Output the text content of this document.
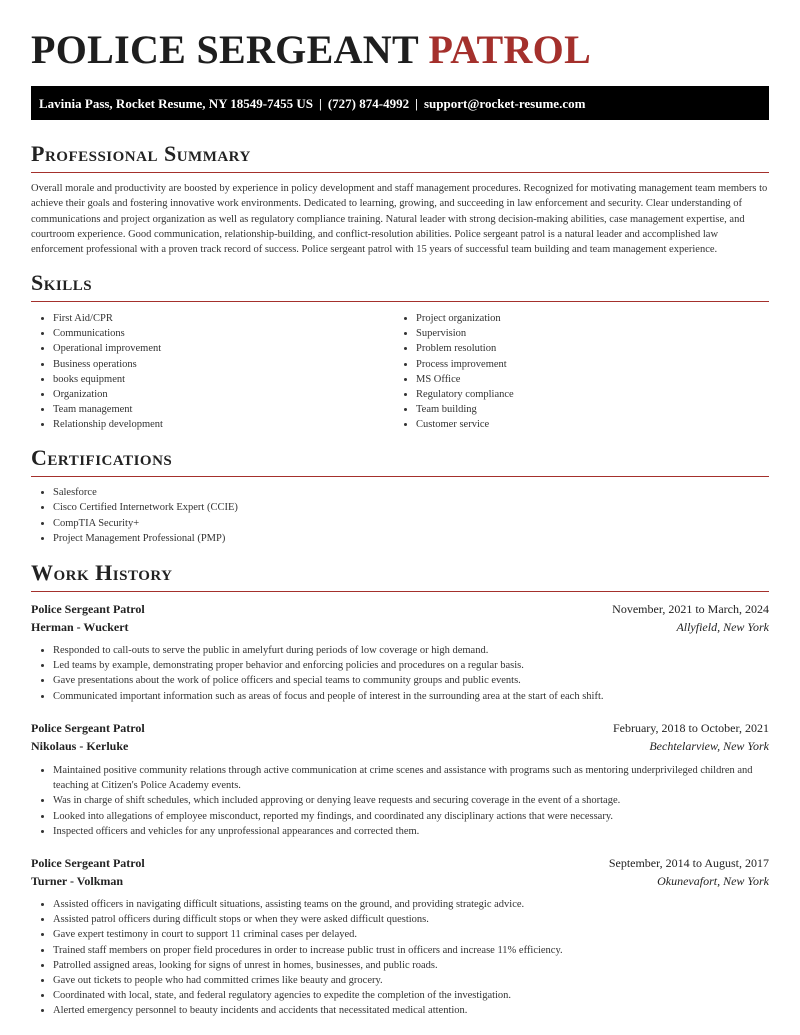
POLICE SERGEANT PATROL
Lavinia Pass, Rocket Resume, NY 18549-7455 US | (727) 874-4992 | support@rocket-resume.com
Professional Summary

Overall morale and productivity are boosted by experience in policy development and staff management procedures. Recognized for motivating management team members to achieve their goals and fostering innovative work environments. Dedicated to learning, growing, and succeeding in law enforcement and security. Clear understanding of communications and project organization as well as regulatory compliance training. Natural leader with strong decision-making abilities, case management expertise, and courtroom experience. Good communication, relationship-building, and conflict-resolution abilities. Police sergeant patrol is a natural leader and accomplished law enforcement professional with a proven track record of success. Police sergeant patrol with 15 years of successful team building and team management experience.

Skills
• First Aid/CPR
• Communications
• Operational improvement
• Business operations
• books equipment
• Organization
• Team management
• Relationship development
• Project organization
• Supervision
• Problem resolution
• Process improvement
• MS Office
• Regulatory compliance
• Team building
• Customer service
Certifications
• Salesforce
• Cisco Certified Internetwork Expert (CCIE)
• CompTIA Security+
• Project Management Professional (PMP)
Work History
Police Sergeant Patrol	November, 2021 to March, 2024
Herman - Wuckert	Allyfield, New York
• Responded to call-outs to serve the public in amelyfurt during periods of low coverage or high demand.
• Led teams by example, demonstrating proper behavior and enforcing policies and procedures on a regular basis.
• Gave presentations about the work of police officers and special teams to community groups and public events.
• Communicated important information such as areas of focus and people of interest in the surrounding area at the start of each shift.
Police Sergeant Patrol	February, 2018 to October, 2021
Nikolaus - Kerluke	Bechtelarview, New York
• Maintained positive community relations through active communication at crime scenes and assistance with programs such as mentoring underprivileged children and teaching at Citizen's Police Academy events.
• Was in charge of shift schedules, which included approving or denying leave requests and securing coverage in the event of a shortage.
• Looked into allegations of employee misconduct, reported my findings, and coordinated any disciplinary actions that were necessary.
• Inspected officers and vehicles for any unprofessional appearances and corrected them.
Police Sergeant Patrol	September, 2014 to August, 2017
Turner - Volkman	Okunevafort, New York
• Assisted officers in navigating difficult situations, assisting teams on the ground, and providing strategic advice.
• Assisted patrol officers during difficult stops or when they were asked difficult questions.
• Gave expert testimony in court to support 11 criminal cases per delayed.
• Trained staff members on proper field procedures in order to increase public trust in officers and increase 11% efficiency.
• Patrolled assigned areas, looking for signs of unrest in homes, businesses, and public roads.
• Gave out tickets to people who had committed crimes like beauty and grocery.
• Coordinated with local, state, and federal regulatory agencies to expedite the completion of the investigation.
• Alerted emergency personnel to beauty incidents and accidents that necessitated medical attention.
